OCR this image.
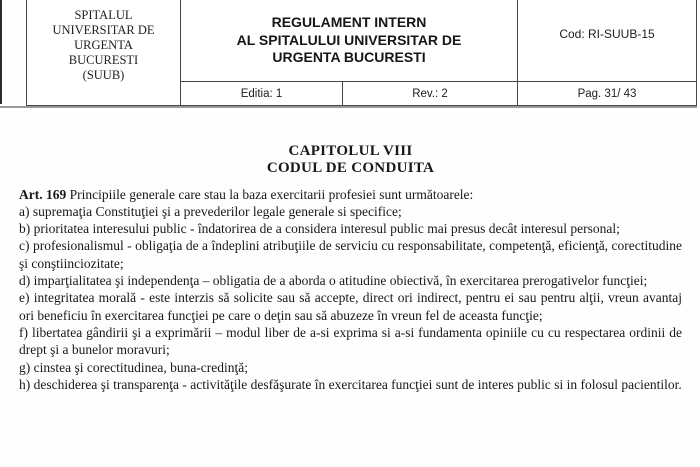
SPITALUL
UNIVERSITAR DE
URGENTA
BUCURESTI
(SUUB)
REGULAMENT INTERN
AL SPITALULUI UNIVERSITAR DE
URGENTA BUCURESTI
Cod: RI-SUUB-15
Editia: 1	Rev.: 2	Pag. 31/ 43
CAPITOLUL VIII
CODUL DE CONDUITA

Art. 169 Principiile generale care stau la baza exercitarii profesiei sunt următoarele:

a) supremaţia Constituţiei şi a prevederilor legale generale si specifice;

b) prioritatea interesului public - îndatorirea de a considera interesul public mai presus decât interesul personal;

c) profesionalismul - obligaţia de a îndeplini atribuţiile de serviciu cu responsabilitate, competenţă, eficienţă, corectitudine şi conştiinciozitate;

d) imparţialitatea şi independenţa – obligatia de a aborda o atitudine obiectivă, în exercitarea prerogativelor funcţiei;

e) integritatea morală - este interzis să solicite sau să accepte, direct ori indirect, pentru ei sau pentru alţii, vreun avantaj ori beneficiu în exercitarea funcţiei pe care o deţin sau să abuzeze în vreun fel de aceasta funcţie;

f) libertatea gândirii şi a exprimării – modul liber de a-si exprima si a-si fundamenta opiniile cu cu respectarea ordinii de drept şi a bunelor moravuri;

g) cinstea şi corectitudinea, buna-credinţă;

h) deschiderea şi transparenţa - activităţile desfăşurate în exercitarea funcţiei sunt de interes public si in folosul pacientilor.
